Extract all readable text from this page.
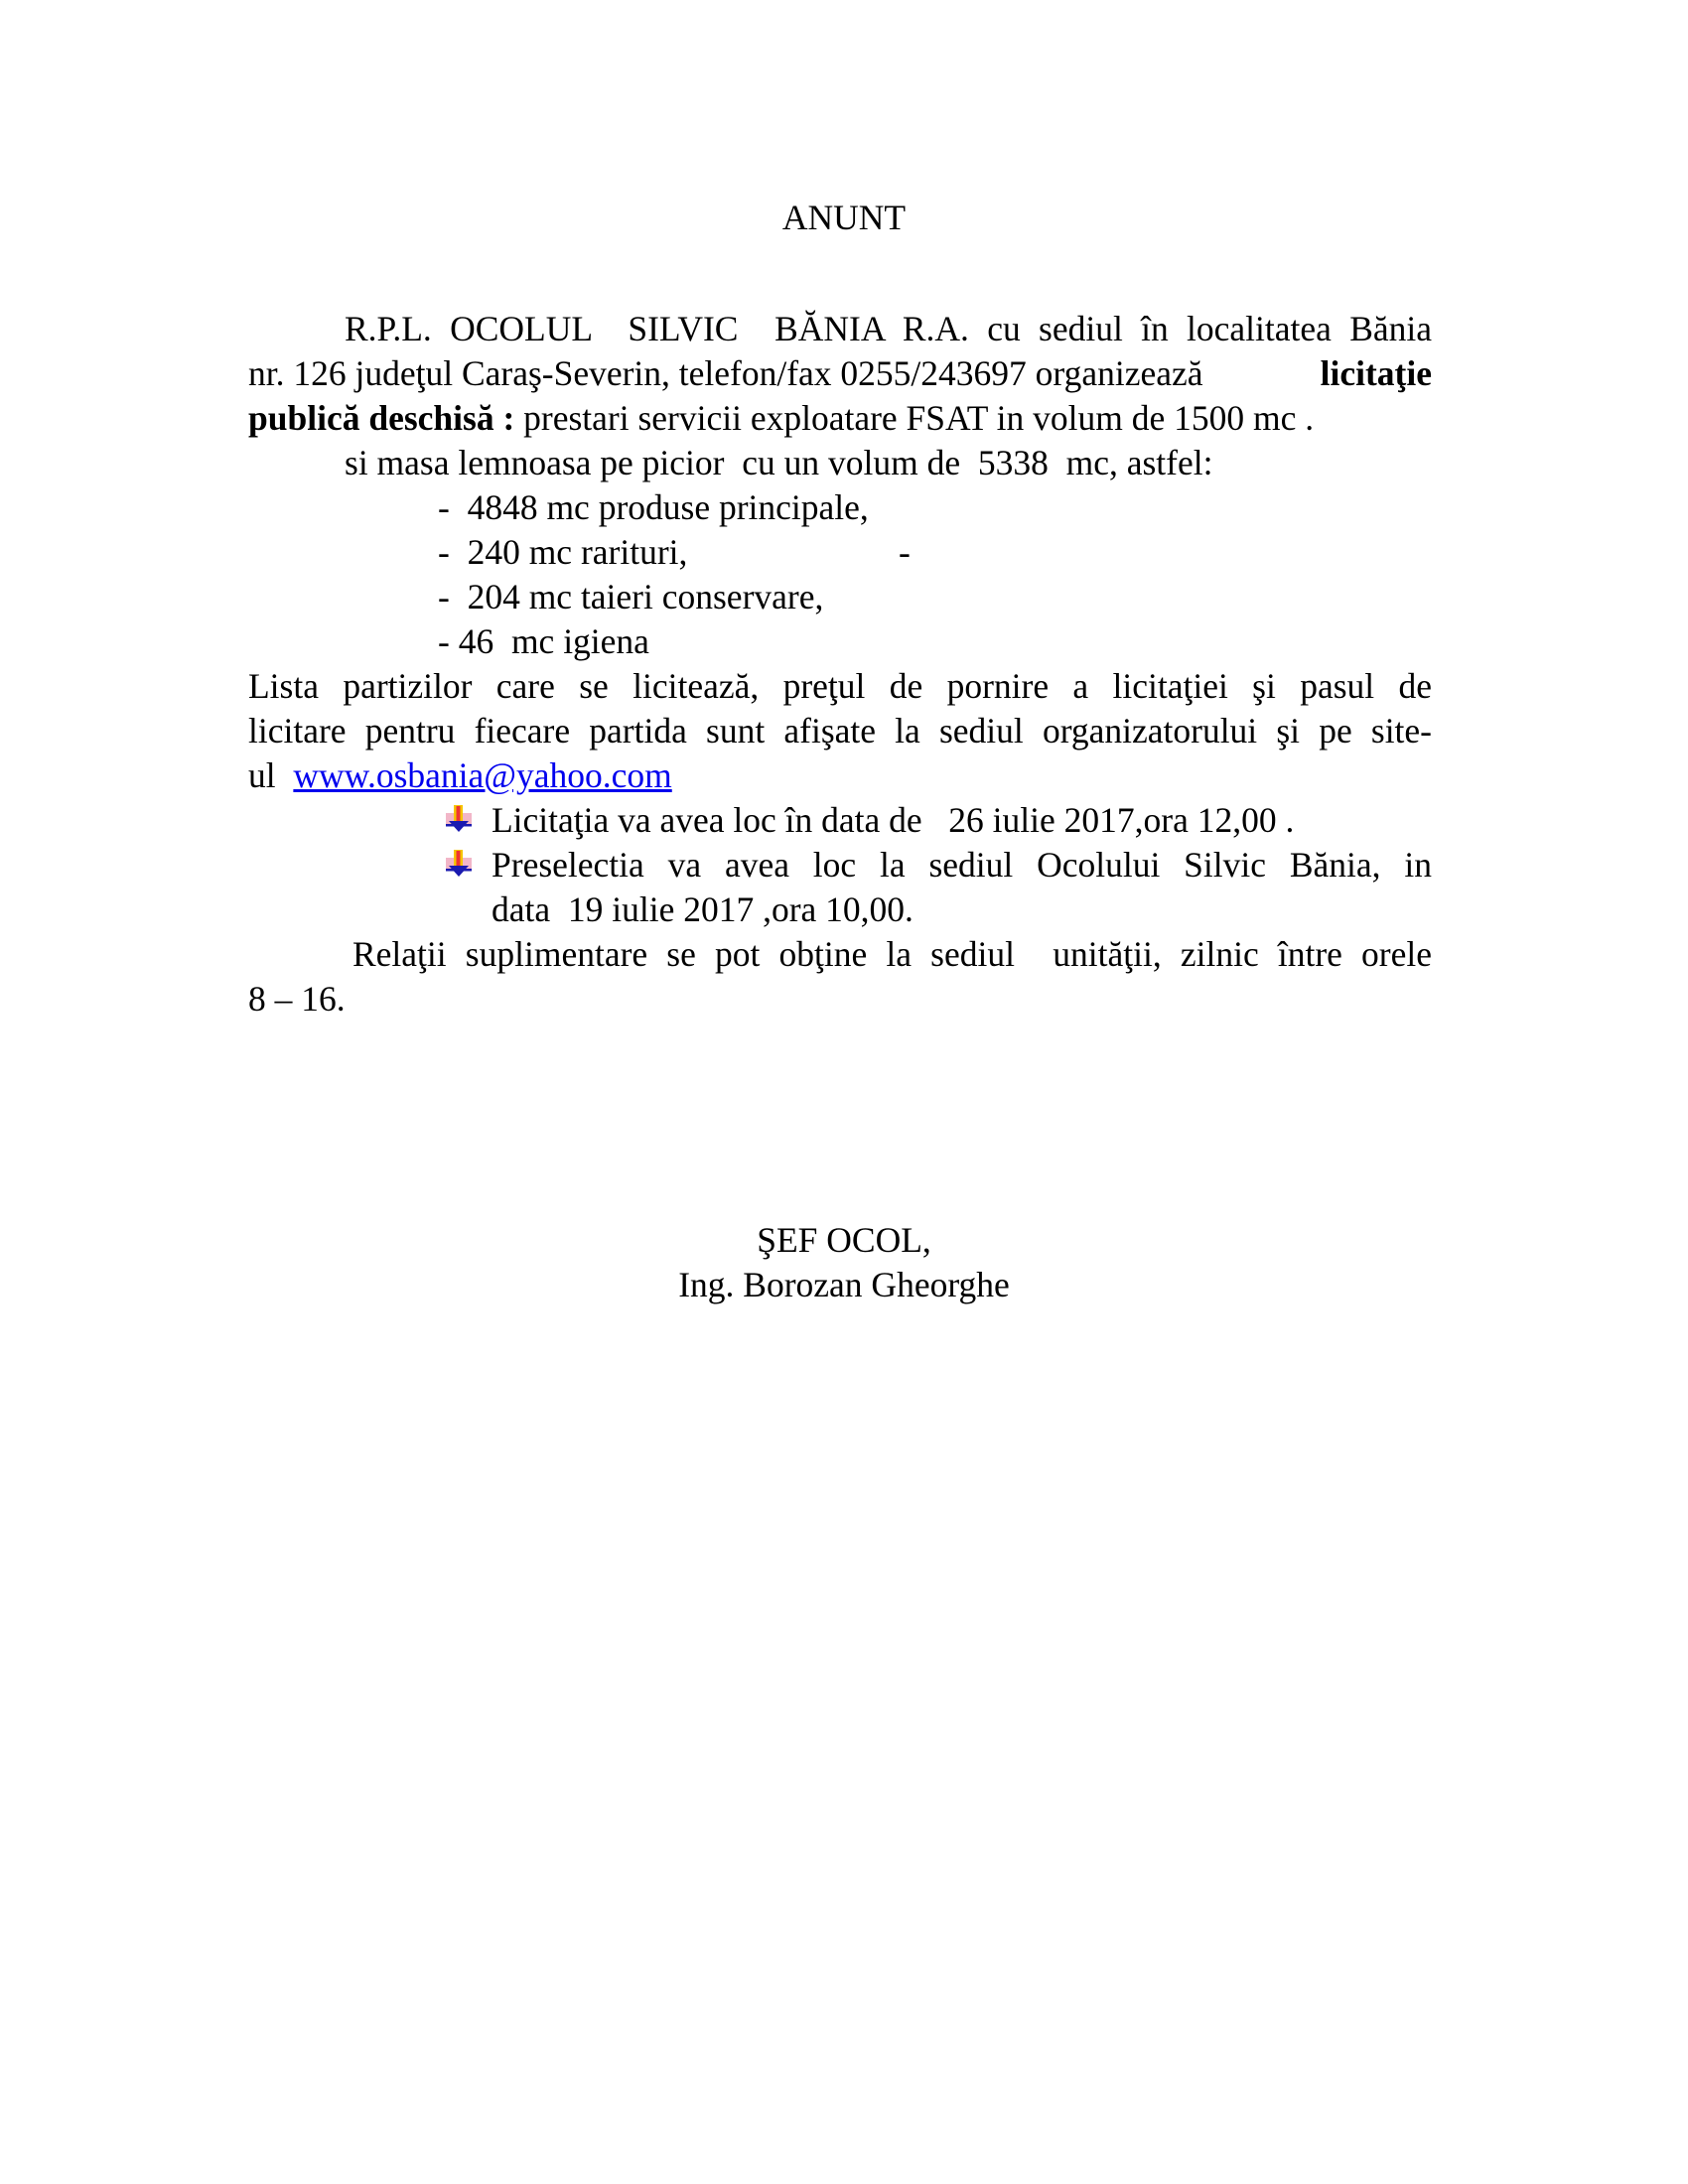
ANUNT
R.P.L. OCOLUL  SILVIC  BĂNIA R.A. cu sediul în localitatea Bănia
nr. 126 judeţul Caraş-Severin, telefon/fax 0255/243697 organizează	licitaţie
publică deschisă : prestari servicii exploatare FSAT in volum de 1500 mc .
si masa lemnoasa pe picior  cu un volum de  5338  mc, astfel:
-  4848 mc produse principale,
-  240 mc rarituri,	-
-  204 mc taieri conservare,
- 46  mc igiena
Lista partizilor care se licitează, preţul de pornire a licitaţiei şi pasul de
licitare pentru fiecare partida sunt afişate la sediul organizatorului şi pe site-
ul www.osbania@yahoo.com
Licitaţia va avea loc în data de   26 iulie 2017,ora 12,00 .
Preselectia va avea loc la sediul Ocolului Silvic Bănia, in
data  19 iulie 2017 ,ora 10,00.
Relaţii suplimentare se pot obţine la sediul  unităţii, zilnic între orele
8 – 16.
ŞEF OCOL,
Ing. Borozan Gheorghe
